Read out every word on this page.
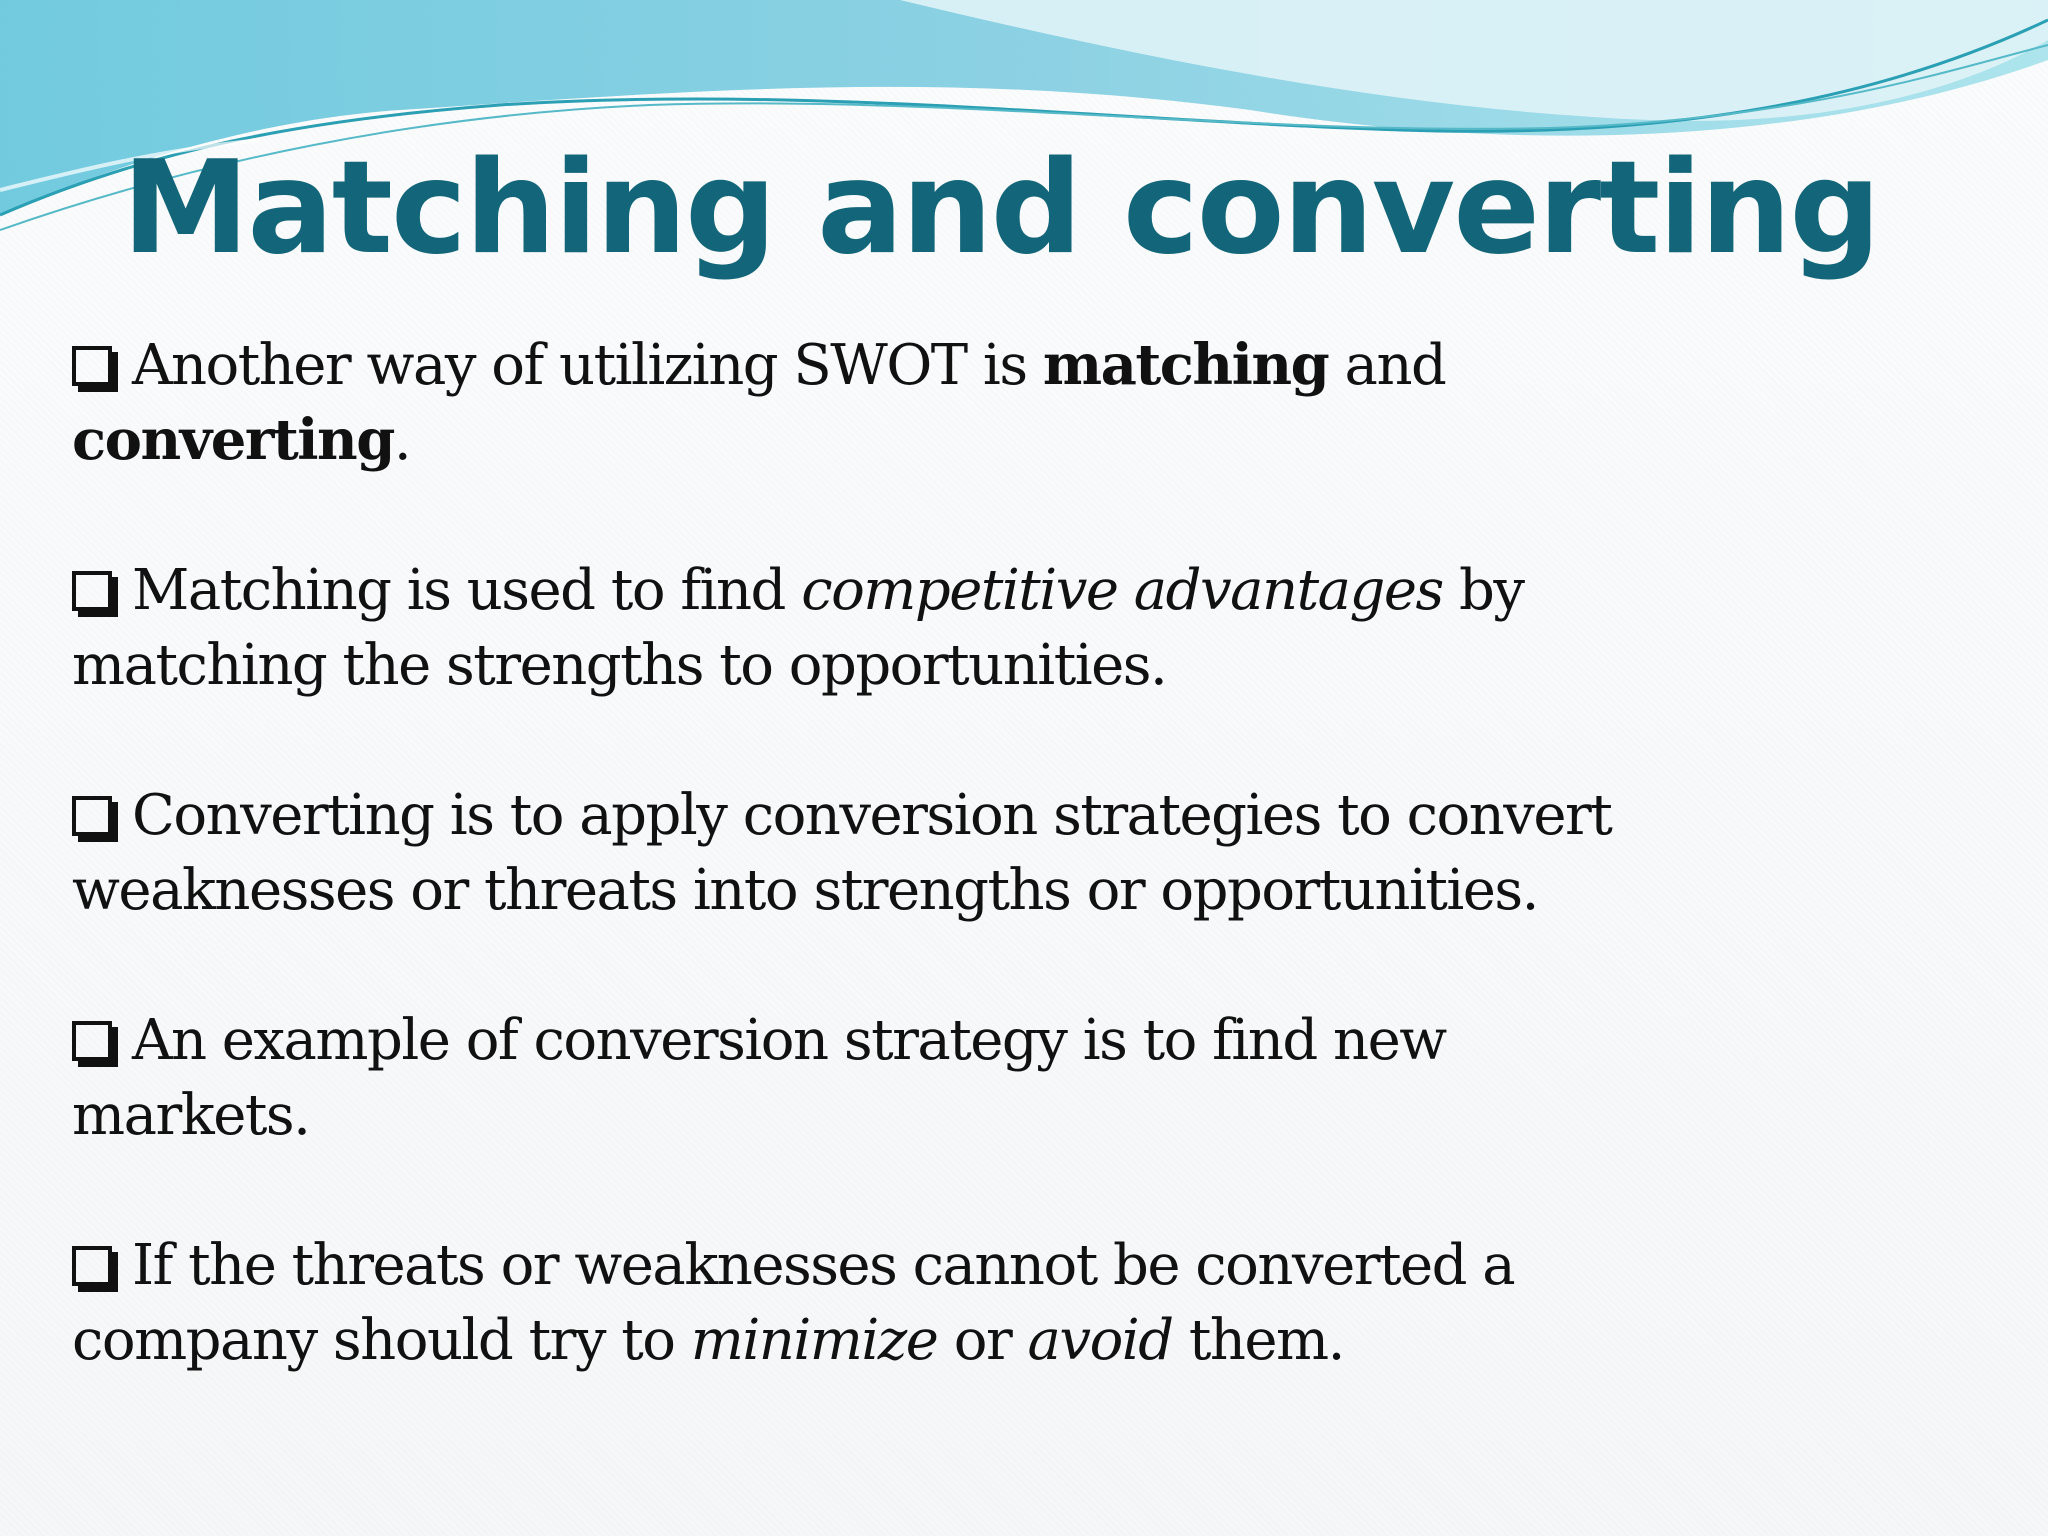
Matching and converting
Another way of utilizing SWOT is matching and converting.
Matching is used to find competitive advantages by matching the strengths to opportunities.
Converting is to apply conversion strategies to convert weaknesses or threats into strengths or opportunities.
An example of conversion strategy is to find new markets.
If the threats or weaknesses cannot be converted a company should try to minimize or avoid them.
